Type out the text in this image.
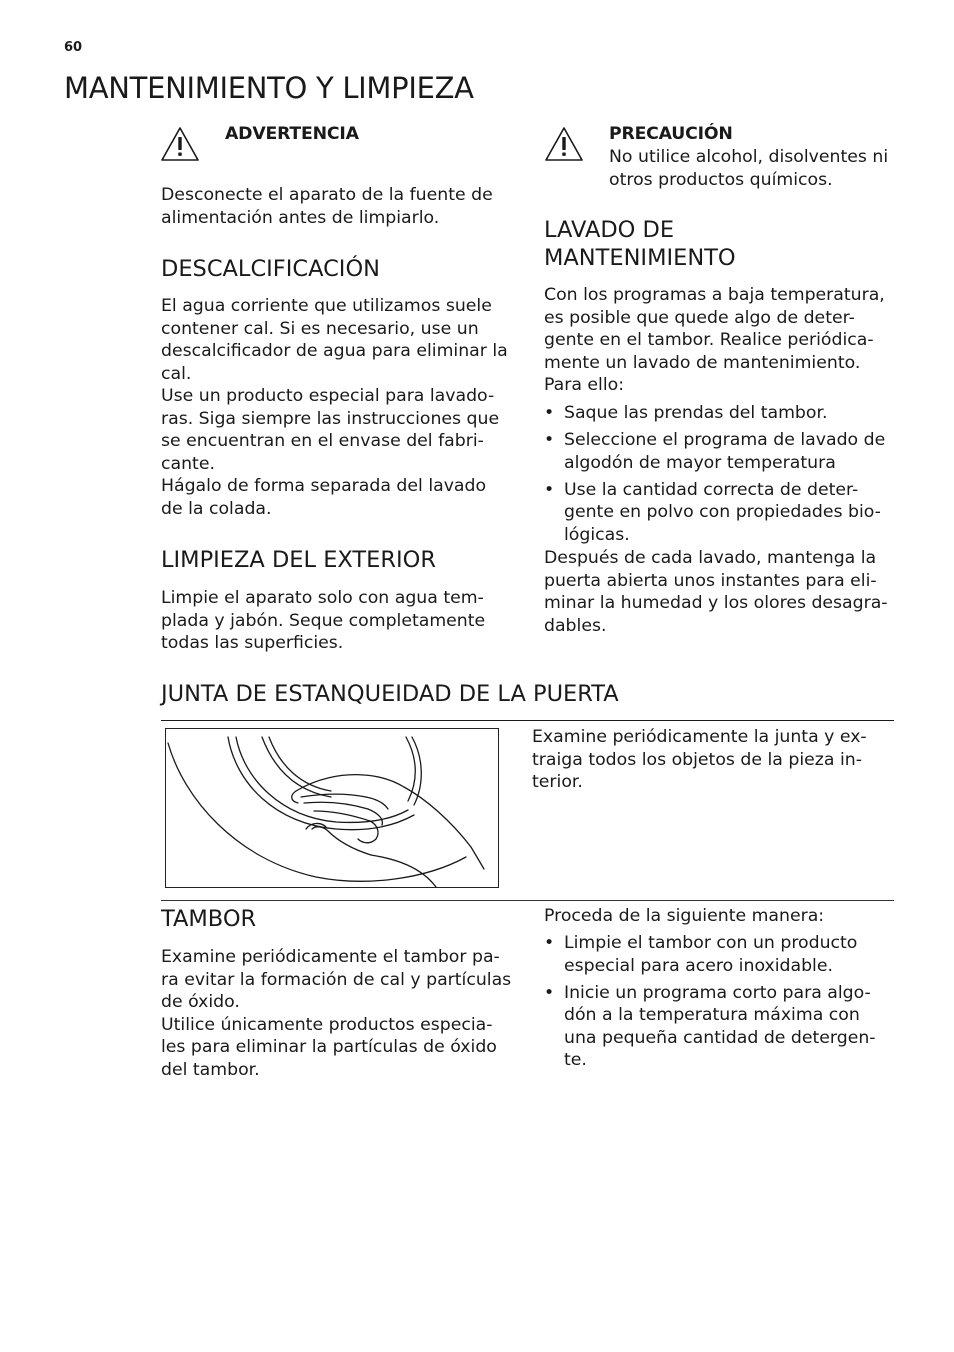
60
MANTENIMIENTO Y LIMPIEZA
ADVERTENCIA

Desconecte el aparato de la fuente de
alimentación antes de limpiarlo.

DESCALCIFICACIÓN

El agua corriente que utilizamos suele
contener cal. Si es necesario, use un
descalcificador de agua para eliminar la
cal.
Use un producto especial para lavado-
ras. Siga siempre las instrucciones que
se encuentran en el envase del fabri-
cante.
Hágalo de forma separada del lavado
de la colada.

LIMPIEZA DEL EXTERIOR

Limpie el aparato solo con agua tem-
plada y jabón. Seque completamente
todas las superficies.

PRECAUCIÓN

No utilice alcohol, disolventes ni
otros productos químicos.

LAVADO DE
MANTENIMIENTO

Con los programas a baja temperatura,
es posible que quede algo de deter-
gente en el tambor. Realice periódica-
mente un lavado de mantenimiento.
Para ello:

• Saque las prendas del tambor.
• Seleccione el programa de lavado de
algodón de mayor temperatura
• Use la cantidad correcta de deter-
gente en polvo con propiedades bio-
lógicas.

Después de cada lavado, mantenga la
puerta abierta unos instantes para eli-
minar la humedad y los olores desagra-
dables.

JUNTA DE ESTANQUEIDAD DE LA PUERTA

Examine periódicamente la junta y ex-
traiga todos los objetos de la pieza in-
terior.

TAMBOR

Examine periódicamente el tambor pa-
ra evitar la formación de cal y partículas
de óxido.
Utilice únicamente productos especia-
les para eliminar la partículas de óxido
del tambor.

Proceda de la siguiente manera:

• Limpie el tambor con un producto
especial para acero inoxidable.
• Inicie un programa corto para algo-
dón a la temperatura máxima con
una pequeña cantidad de detergen-
te.
